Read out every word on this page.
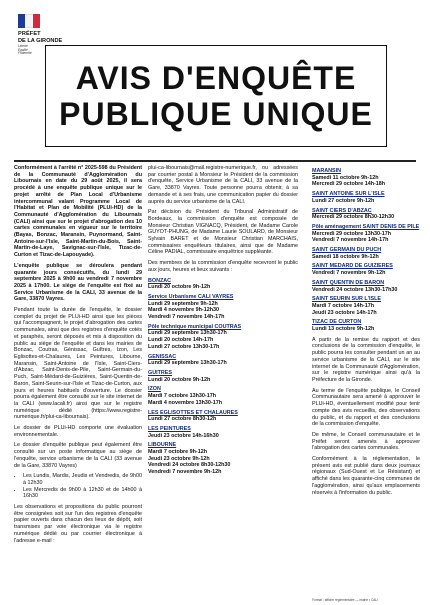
PRÉFET
DE LA GIRONDE
Liberté
Égalité
Fraternité
AVIS D'ENQUÊTE
PUBLIQUE UNIQUE

Conformément à l'arrêté n° 2025-598 du Président de la Communauté d'Agglomération du Libournais en date du 29 août 2025, il sera procédé à une enquête publique unique sur le projet arrêté de Plan Local d'Urbanisme intercommunal valant Programme Local de l'Habitat et Plan de Mobilité (PLUi-HD) de la Communauté d'Agglomération du Libournais (CALI) ainsi que sur le projet d'abrogation des 10 cartes communales en vigueur sur le territoire (Bayas, Bonzac, Maransin, Puynormand, Saint-Antoine-sur-l'Isle, Saint-Martin-du-Bois, Saint-Martin-de-Laye, Savignac-sur-l'Isle, Tizac-de-Curton et Tizac-de-Lapouyade).

L'enquête publique se déroulera pendant quarante jours consécutifs, du lundi 29 septembre 2025 à 9h00 au vendredi 7 novembre 2025 à 17h00. Le siège de l'enquête est fixé au Service Urbanisme de la CALI, 33 avenue de la Gare, 33870 Vayres.

Pendant toute la durée de l'enquête, le dossier complet du projet de PLUi-HD ainsi que les pièces qui l'accompagnent, le projet d'abrogation des cartes communales, ainsi que des registres d'enquête cotés et paraphés, seront déposés et mis à disposition du public au siège de l'enquête et dans les mairies de Bonzac, Coutras, Génissac, Guîtres, Izon, Les Eglisottes-et-Chalaures, Les Peintures, Libourne, Maransin, Saint-Antoine de l'Isle, Saint-Ciers-d'Abzac, Saint-Denis-de-Pile, Saint-Germain-du-Puch, Saint-Médard-de-Guizières, Saint-Quentin-de-Baron, Saint-Seurin-sur-l'Isle et Tizac-de-Curton, aux jours et heures habituels d'ouverture. Le dossier pourra également être consulté sur le site internet de la CALI (www.lacali.fr) ainsi que sur le registre numérique dédié (https://www.registre-numerique.fr/plui-ca-libournais).

Le dossier de PLUi-HD comporte une évaluation environnementale.

Le dossier d'enquête publique peut également être consulté sur un poste informatique au siège de l'enquête, service urbanisme de la CALI (33 avenue de la Gare, 33870 Vayres)

• Les Lundis, Mardis, Jeudis et Vendredis, de 9h00 à 12h30
• Les Mercredis de 9h00 à 12h30 et de 14h00 à 16h30

Les observations et propositions du public pourront être consignées soit sur l'un des registres d'enquête papier ouverts dans chacun des lieux de dépôt, soit transmises par voie électronique via le registre numérique dédié ou par courrier électronique à l'adresse e-mail :

plui-ca-libournais@mail.registre-numerique.fr, ou adressées par courrier postal à Monsieur le Président de la commission d'enquête, Service Urbanisme de la CALI, 33 avenue de la Gare, 33870 Vayres. Toute personne pourra obtenir, à sa demande et à ses frais, une communication papier du dossier auprès du service urbanisme de la CALI.

Par décision du Président du Tribunal Administratif de Bordeaux, la commission d'enquête est composée de Monsieur Christian VIGNACQ, Président, de Madame Carole GUYOT-PHUNG, de Madame Laurie SOULARD, de Monsieur Sylvain BARET et de Monsieur Christian MARCHAIS, commissaires enquêteurs titulaires, ainsi que de Madame Céline PADIAL, commissaire enquêtrice suppléante.

Des membres de la commission d'enquête recevront le public aux jours, heures et lieux suivants :

BONZAC
Lundi 20 octobre 9h-12h
Service Urbanisme CALI VAYRES
Lundi 29 septembre 9h-12h
Mardi 4 novembre 9h-12h30
Vendredi 7 novembre 14h-17h
Pôle technique municipal COUTRAS
Lundi 29 septembre 13h30-17h
Lundi 20 octobre 14h-17h
Lundi 27 octobre 13h30-17h
GENISSAC
Lundi 29 septembre 13h30-17h
GUITRES
Lundi 20 octobre 9h-12h
IZON
Mardi 7 octobre 13h30-17h
Mardi 4 novembre 13h30-17h
LES EGLISOTTES ET CHALAURES
Lundi 27 octobre 8h30-12h
LES PEINTURES
Jeudi 23 octobre 14h-16h30
LIBOURNE
Mardi 7 octobre 9h-12h
Jeudi 23 octobre 9h-12h
Vendredi 24 octobre 8h30-12h30
Vendredi 7 novembre 9h-12h
MARANSIN
Samedi 11 octobre 9h-12h
Mercredi 29 octobre 14h-18h
SAINT ANTOINE SUR L'ISLE
Lundi 27 octobre 9h-12h
SAINT CIERS D'ABZAC
Mercredi 29 octobre 8h30-12h30
Pôle aménagement SAINT DENIS DE PILE
Mercredi 29 octobre 13h30-17h
Vendredi 7 novembre 14h-17h
SAINT GERMAIN DU PUCH
Samedi 18 octobre 9h-12h
SAINT MEDARD DE GUIZIERES
Vendredi 7 novembre 9h-12h
SAINT QUENTIN DE BARON
Vendredi 24 octobre 13h30-17h30
SAINT SEURIN SUR L'ISLE
Mardi 7 octobre 14h-17h
Jeudi 23 octobre 14h-17h
TIZAC DE CURTON
Lundi 13 octobre 9h-12h

A partir de la remise du rapport et des conclusions de la commission d'enquête, le public pourra les consulter pendant un an au service urbanisme de la CALI, sur le site internet de la Communauté d'Agglomération, sur le registre numérique ainsi qu'à la Préfecture de la Gironde.

Au terme de l'enquête publique, le Conseil Communautaire sera amené à approuver le PLUi-HD, éventuellement modifié pour tenir compte des avis recueillis, des observations du public, et du rapport et des conclusions de la commission d'enquête.

De même, le Conseil communautaire et le Préfet seront amenés à approuver l'abrogation des cartes communales.

Conformément à la réglementation, le présent avis est publié dans deux journaux régionaux (Sud-Ouest et Le Résistant) et affiché dans les quarante-cinq communes de l'agglomération, ainsi qu'aux emplacements réservés à l'information du public.

Format : affiche réglementaire — mairie • CALI
